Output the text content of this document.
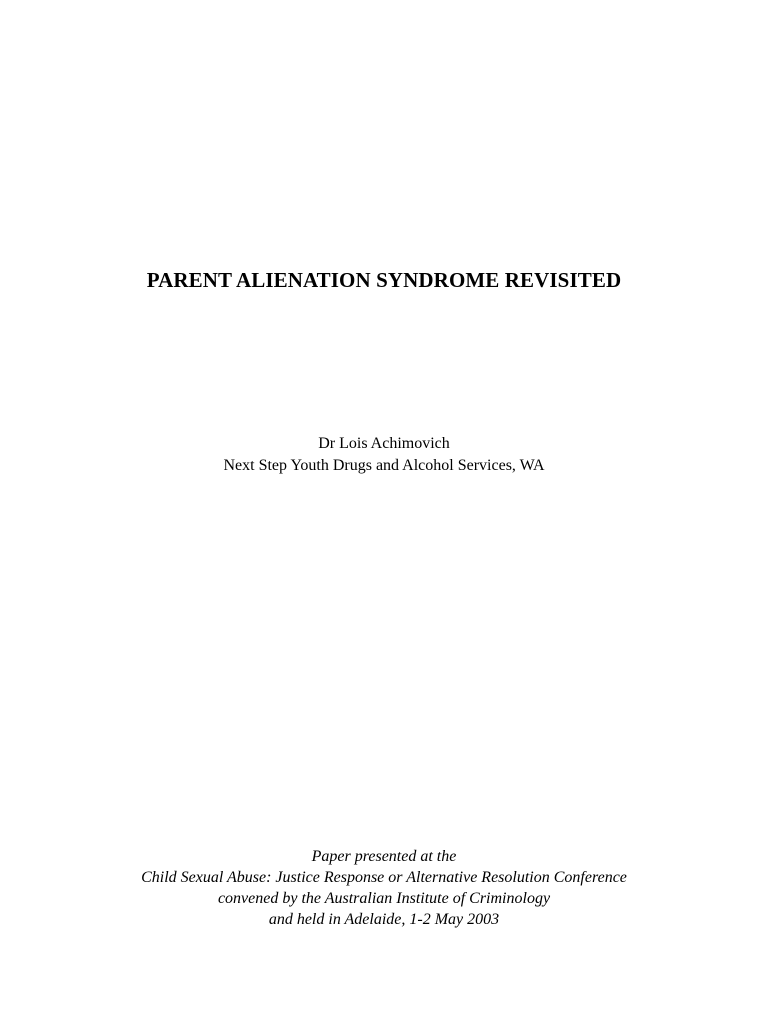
PARENT ALIENATION SYNDROME REVISITED
Dr Lois Achimovich
Next Step Youth Drugs and Alcohol Services, WA
Paper presented at the
Child Sexual Abuse: Justice Response or Alternative Resolution Conference
convened by the Australian Institute of Criminology
and held in Adelaide, 1-2 May 2003
